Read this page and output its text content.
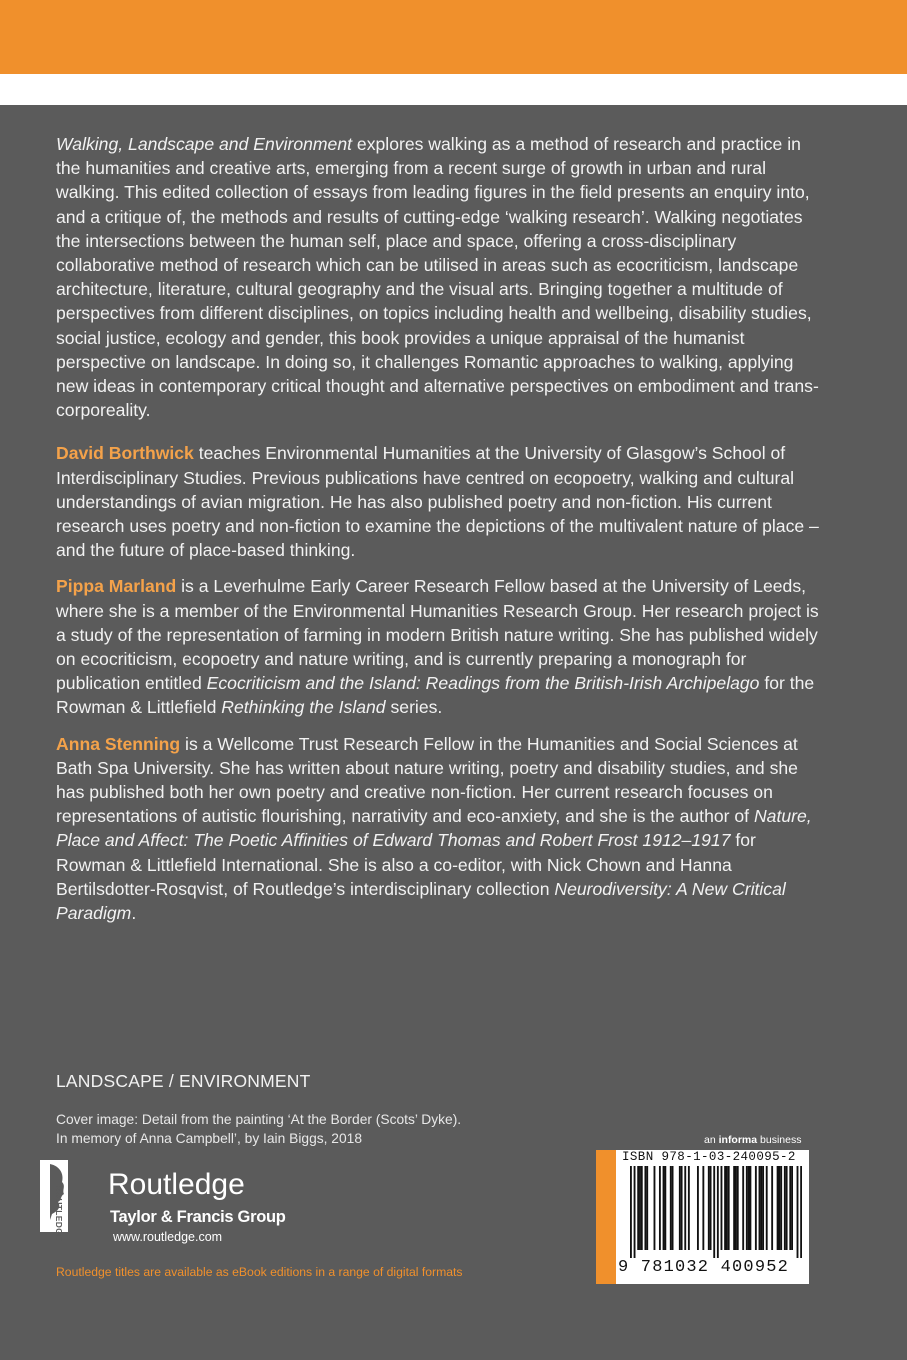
Walking, Landscape and Environment explores walking as a method of research and practice in the humanities and creative arts, emerging from a recent surge of growth in urban and rural walking. This edited collection of essays from leading figures in the field presents an enquiry into, and a critique of, the methods and results of cutting-edge ‘walking research’. Walking negotiates the intersections between the human self, place and space, offering a cross-disciplinary collaborative method of research which can be utilised in areas such as ecocriticism, landscape architecture, literature, cultural geography and the visual arts. Bringing together a multitude of perspectives from different disciplines, on topics including health and wellbeing, disability studies, social justice, ecology and gender, this book provides a unique appraisal of the humanist perspective on landscape. In doing so, it challenges Romantic approaches to walking, applying new ideas in contemporary critical thought and alternative perspectives on embodiment and trans-corporeality.

David Borthwick teaches Environmental Humanities at the University of Glasgow’s School of Interdisciplinary Studies. Previous publications have centred on ecopoetry, walking and cultural understandings of avian migration. He has also published poetry and non-fiction. His current research uses poetry and non-fiction to examine the depictions of the multivalent nature of place – and the future of place-based thinking.

Pippa Marland is a Leverhulme Early Career Research Fellow based at the University of Leeds, where she is a member of the Environmental Humanities Research Group. Her research project is a study of the representation of farming in modern British nature writing. She has published widely on ecocriticism, ecopoetry and nature writing, and is currently preparing a monograph for publication entitled Ecocriticism and the Island: Readings from the British-Irish Archipelago for the Rowman & Littlefield Rethinking the Island series.

Anna Stenning is a Wellcome Trust Research Fellow in the Humanities and Social Sciences at Bath Spa University. She has written about nature writing, poetry and disability studies, and she has published both her own poetry and creative non-fiction. Her current research focuses on representations of autistic flourishing, narrativity and eco-anxiety, and she is the author of Nature, Place and Affect: The Poetic Affinities of Edward Thomas and Robert Frost 1912–1917 for Rowman & Littlefield International. She is also a co-editor, with Nick Chown and Hanna Bertilsdotter-Rosqvist, of Routledge’s interdisciplinary collection Neurodiversity: A New Critical Paradigm.

LANDSCAPE / ENVIRONMENT
Cover image: Detail from the painting ‘At the Border (Scots’ Dyke).
In memory of Anna Campbell’, by Iain Biggs, 2018
ROUTLEDGE
Routledge
Taylor & Francis Group
www.routledge.com
Routledge titles are available as eBook editions in a range of digital formats
an informa business
ISBN 978-1-03-240095-2
9 781032 400952
